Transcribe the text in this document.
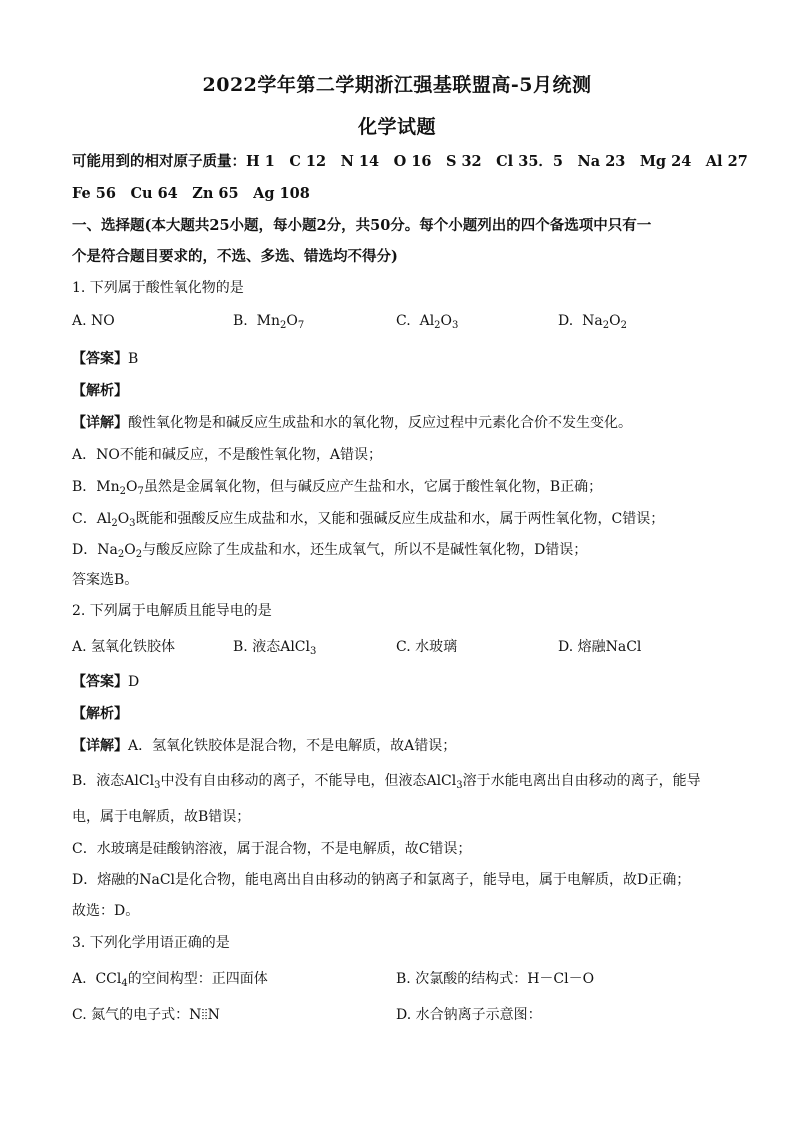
2022学年第二学期浙江强基联盟高-5月统测
化学试题
可能用到的相对原子质量：H 1　C 12　N 14　O 16　S 32　Cl 35．5　Na 23　Mg 24　Al 27
Fe 56　Cu 64　Zn 65　Ag 108
一、选择题(本大题共25小题，每小题2分，共50分。每个小题列出的四个备选项中只有一
个是符合题目要求的，不选、多选、错选均不得分)
1. 下列属于酸性氧化物的是
A. NO	B. $Mn_2O_7$	C. $Al_2O_3$	D. $Na_2O_2$
【答案】B
【解析】
【详解】酸性氧化物是和碱反应生成盐和水的氧化物，反应过程中元素化合价不发生变化。
A．NO不能和碱反应，不是酸性氧化物，A错误；
B．$Mn_2O_7$虽然是金属氧化物，但与碱反应产生盐和水，它属于酸性氧化物，B正确；
C．$Al_2O_3$既能和强酸反应生成盐和水，又能和强碱反应生成盐和水，属于两性氧化物，C错误；
D．$Na_2O_2$与酸反应除了生成盐和水，还生成氧气，所以不是碱性氧化物，D错误；
答案选B。
2. 下列属于电解质且能导电的是
A. 氢氧化铁胶体	B. 液态AlCl$_3$	C. 水玻璃	D. 熔融NaCl
【答案】D
【解析】
【详解】A．氢氧化铁胶体是混合物，不是电解质，故A错误；
B．液态AlCl$_3$中没有自由移动的离子，不能导电，但液态AlCl$_3$溶于水能电离出自由移动的离子，能导
电，属于电解质，故B错误；
C．水玻璃是硅酸钠溶液，属于混合物，不是电解质，故C错误；
D．熔融的NaCl是化合物，能电离出自由移动的钠离子和氯离子，能导电，属于电解质，故D正确；
故选：D。
3. 下列化学用语正确的是
A. CCl$_4$的空间构型：正四面体	B. 次氯酸的结构式：H－Cl－O
C. 氮气的电子式：N⦙⦙N	D. 水合钠离子示意图：
